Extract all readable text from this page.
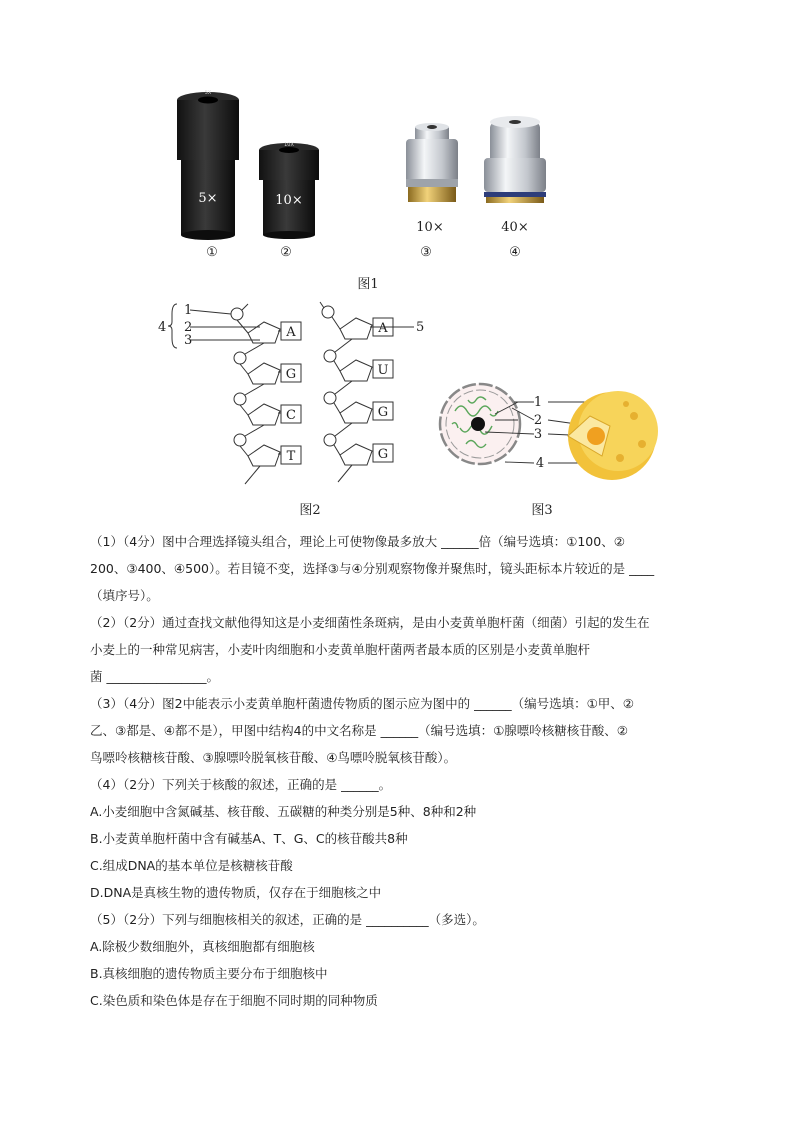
5X
5×
①
10X
10×
②
10×
③
40×
④
图1
A
G
C
T
A
U
G
G
1
2
3
4	5
图2
1
2
3
4
图3

（1）（4分）图中合理选择镜头组合，理论上可使物像最多放大 ______倍（编号选填：①100、②

200、③400、④500）。若目镜不变，选择③与④分别观察物像并聚焦时，镜头距标本片较近的是 ____

（填序号）。

（2）（2分）通过查找文献他得知这是小麦细菌性条斑病，是由小麦黄单胞杆菌（细菌）引起的发生在

小麦上的一种常见病害，小麦叶肉细胞和小麦黄单胞杆菌两者最本质的区别是小麦黄单胞杆

菌 ________________。

（3）（4分）图2中能表示小麦黄单胞杆菌遗传物质的图示应为图中的 ______（编号选填：①甲、②

乙、③都是、④都不是），甲图中结构4的中文名称是 ______（编号选填：①腺嘌呤核糖核苷酸、②

鸟嘌呤核糖核苷酸、③腺嘌呤脱氧核苷酸、④鸟嘌呤脱氧核苷酸）。

（4）（2分）下列关于核酸的叙述，正确的是 ______。

A.小麦细胞中含氮碱基、核苷酸、五碳糖的种类分别是5种、8种和2种

B.小麦黄单胞杆菌中含有碱基A、T、G、C的核苷酸共8种

C.组成DNA的基本单位是核糖核苷酸

D.DNA是真核生物的遗传物质，仅存在于细胞核之中

（5）（2分）下列与细胞核相关的叙述，正确的是 __________（多选）。

A.除极少数细胞外，真核细胞都有细胞核

B.真核细胞的遗传物质主要分布于细胞核中

C.染色质和染色体是存在于细胞不同时期的同种物质
